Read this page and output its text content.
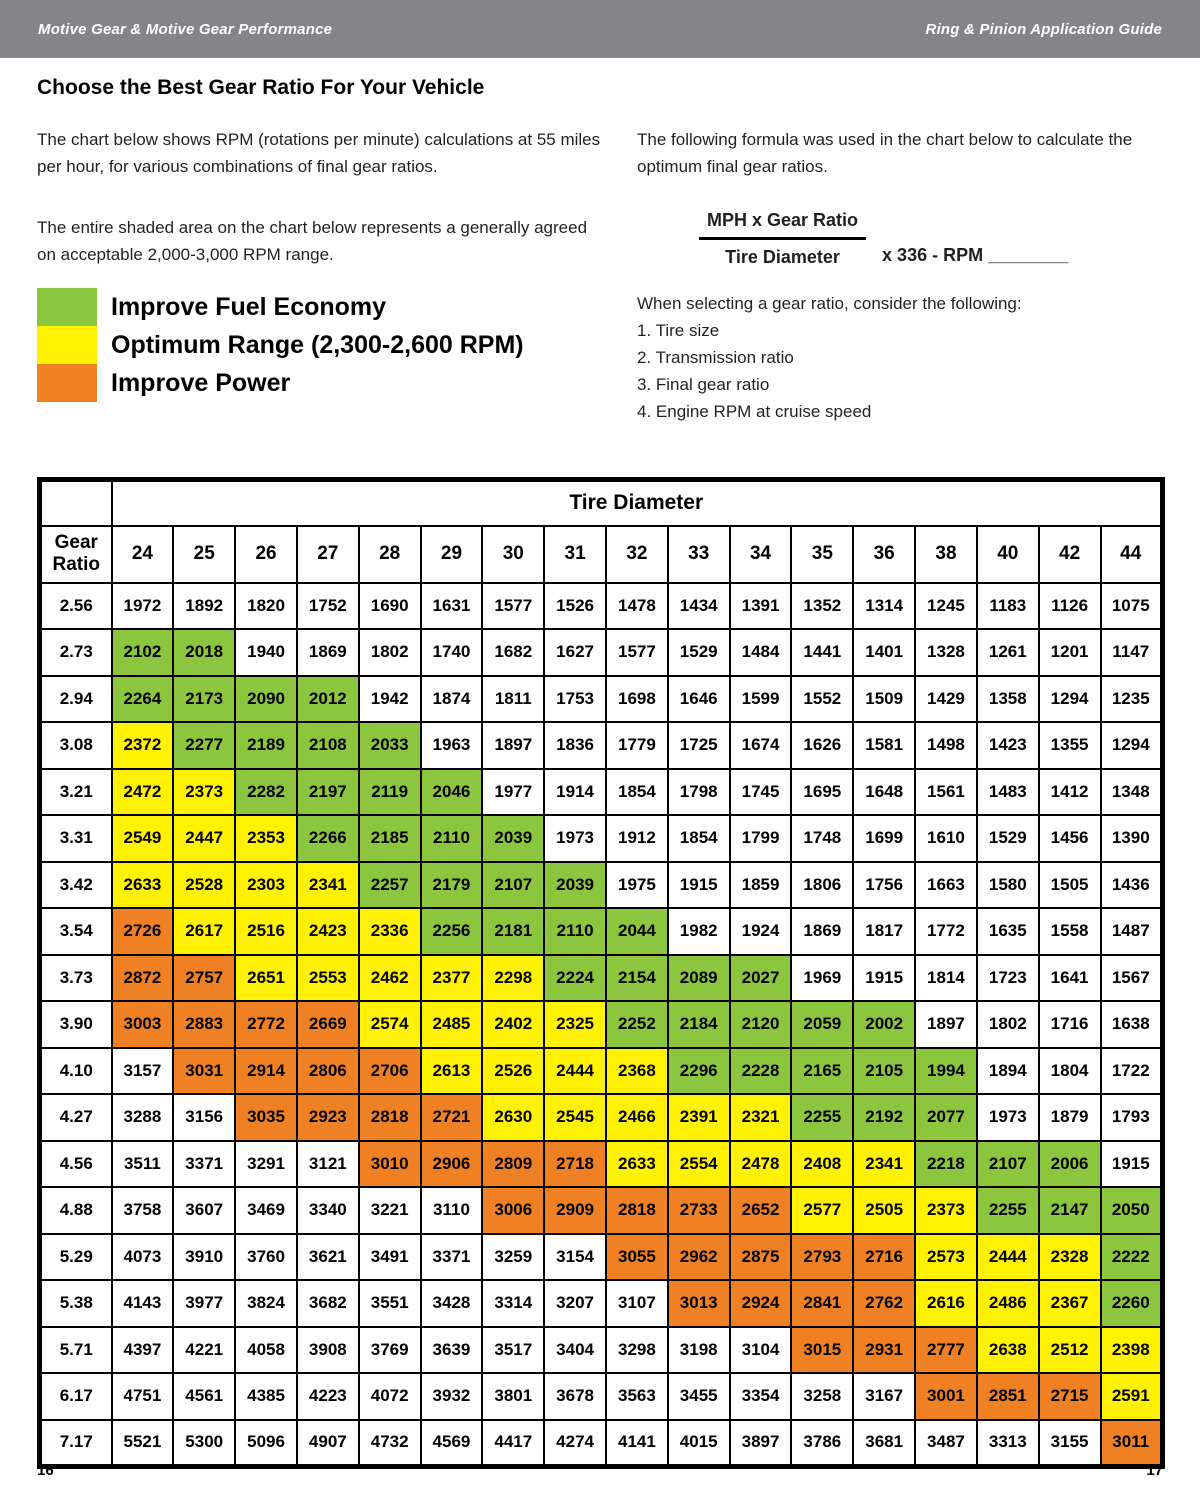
Motive Gear & Motive Gear Performance	Ring & Pinion Application Guide
Choose the Best Gear Ratio For Your Vehicle

The chart below shows RPM (rotations per minute) calculations at 55 miles per hour, for various combinations of final gear ratios.

The entire shaded area on the chart below represents a generally agreed on acceptable 2,000-3,000 RPM range.

Improve Fuel Economy
Optimum Range (2,300-2,600 RPM)
Improve Power

The following formula was used in the chart below to calculate the optimum final gear ratios.

$\frac{\text{MPH x Gear Ratio}}{\text{Tire Diameter}}$ x 336 - RPM ________

When selecting a gear ratio, consider the following:

1. Tire size
2. Transmission ratio
3. Final gear ratio
4. Engine RPM at cruise speed
	Tire Diameter																
Gear Ratio	24	25	26	27	28	29	30	31	32	33	34	35	36	38	40	42	44
2.56	1972	1892	1820	1752	1690	1631	1577	1526	1478	1434	1391	1352	1314	1245	1183	1126	1075
2.73	2102	2018	1940	1869	1802	1740	1682	1627	1577	1529	1484	1441	1401	1328	1261	1201	1147
2.94	2264	2173	2090	2012	1942	1874	1811	1753	1698	1646	1599	1552	1509	1429	1358	1294	1235
3.08	2372	2277	2189	2108	2033	1963	1897	1836	1779	1725	1674	1626	1581	1498	1423	1355	1294
3.21	2472	2373	2282	2197	2119	2046	1977	1914	1854	1798	1745	1695	1648	1561	1483	1412	1348
3.31	2549	2447	2353	2266	2185	2110	2039	1973	1912	1854	1799	1748	1699	1610	1529	1456	1390
3.42	2633	2528	2303	2341	2257	2179	2107	2039	1975	1915	1859	1806	1756	1663	1580	1505	1436
3.54	2726	2617	2516	2423	2336	2256	2181	2110	2044	1982	1924	1869	1817	1772	1635	1558	1487
3.73	2872	2757	2651	2553	2462	2377	2298	2224	2154	2089	2027	1969	1915	1814	1723	1641	1567
3.90	3003	2883	2772	2669	2574	2485	2402	2325	2252	2184	2120	2059	2002	1897	1802	1716	1638
4.10	3157	3031	2914	2806	2706	2613	2526	2444	2368	2296	2228	2165	2105	1994	1894	1804	1722
4.27	3288	3156	3035	2923	2818	2721	2630	2545	2466	2391	2321	2255	2192	2077	1973	1879	1793
4.56	3511	3371	3291	3121	3010	2906	2809	2718	2633	2554	2478	2408	2341	2218	2107	2006	1915
4.88	3758	3607	3469	3340	3221	3110	3006	2909	2818	2733	2652	2577	2505	2373	2255	2147	2050
5.29	4073	3910	3760	3621	3491	3371	3259	3154	3055	2962	2875	2793	2716	2573	2444	2328	2222
5.38	4143	3977	3824	3682	3551	3428	3314	3207	3107	3013	2924	2841	2762	2616	2486	2367	2260
5.71	4397	4221	4058	3908	3769	3639	3517	3404	3298	3198	3104	3015	2931	2777	2638	2512	2398
6.17	4751	4561	4385	4223	4072	3932	3801	3678	3563	3455	3354	3258	3167	3001	2851	2715	2591
7.17	5521	5300	5096	4907	4732	4569	4417	4274	4141	4015	3897	3786	3681	3487	3313	3155	3011
16	17
